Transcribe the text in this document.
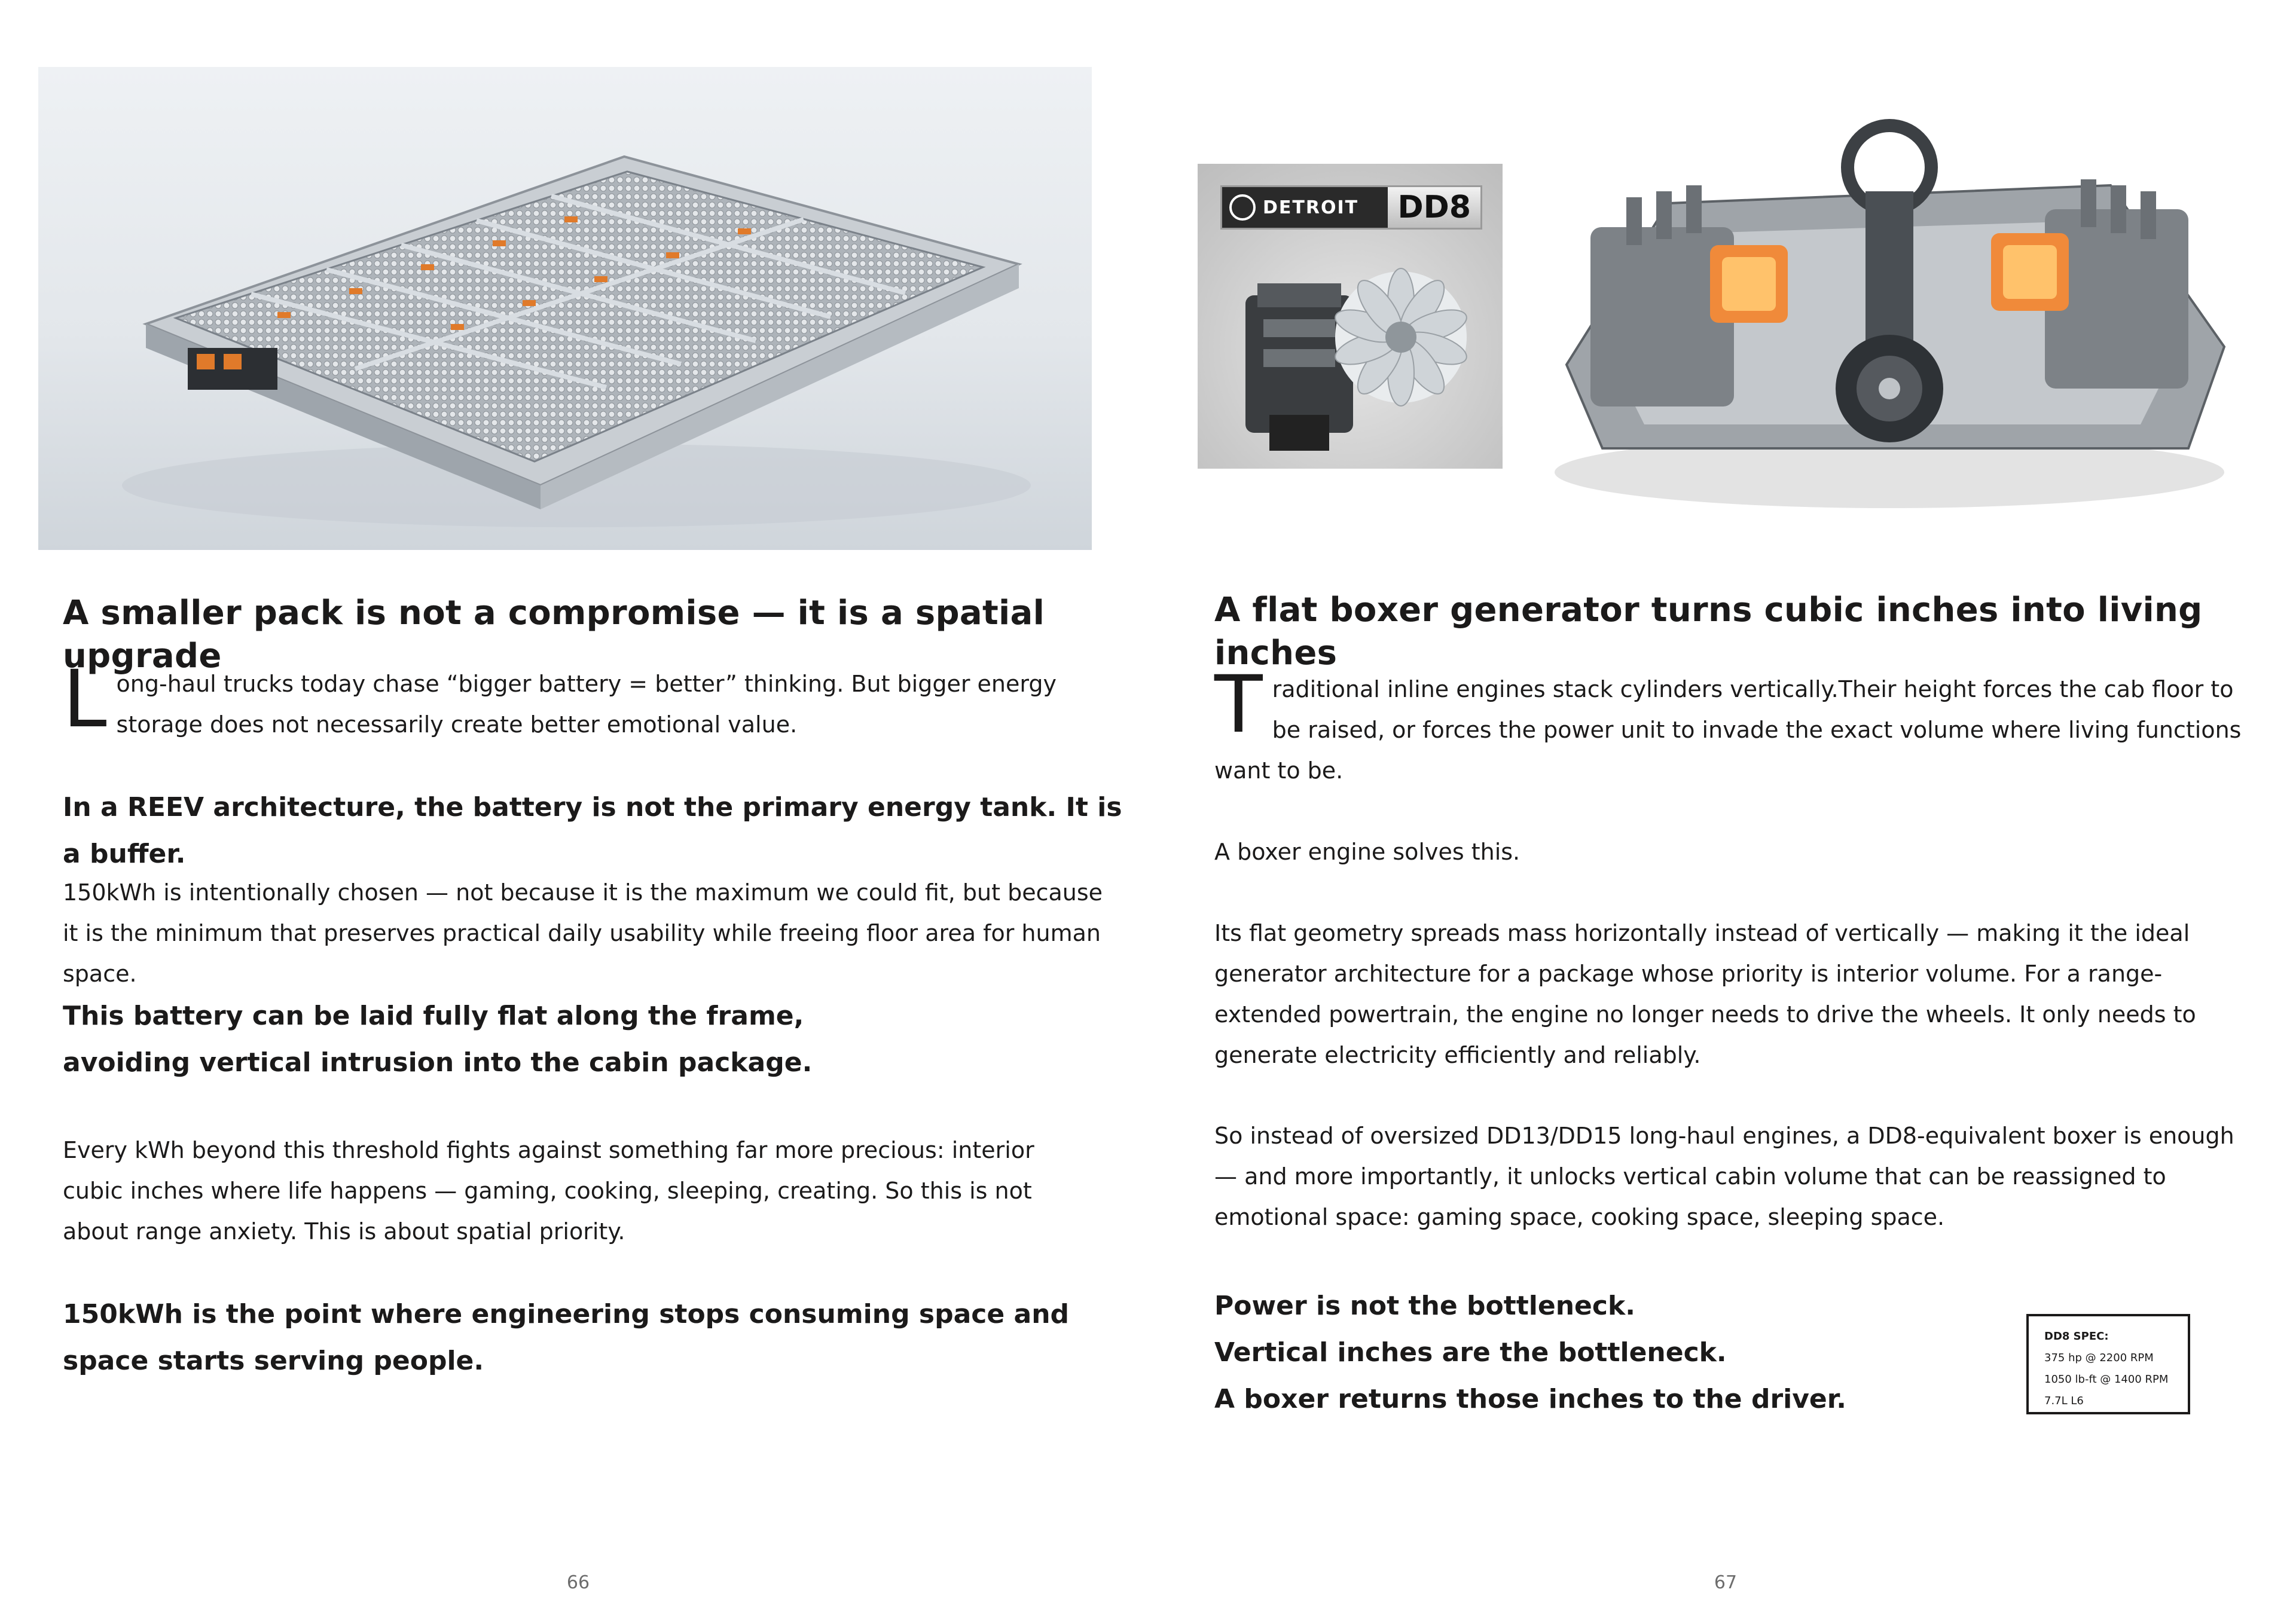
A smaller pack is not a compromise — it is a spatial upgrade
L ong-haul trucks today chase “bigger battery = better” thinking. But bigger energy storage does not necessarily create better emotional value.
In a REEV architecture, the battery is not the primary energy tank. It is a buffer.
150kWh is intentionally chosen — not because it is the maximum we could fit, but because it is the minimum that preserves practical daily usability while freeing floor area for human space.
This battery can be laid fully flat along the frame,
avoiding vertical intrusion into the cabin package.
Every kWh beyond this threshold fights against something far more precious: interior cubic inches where life happens — gaming, cooking, sleeping, creating. So this is not about range anxiety. This is about spatial priority.
150kWh is the point where engineering stops consuming space and space starts serving people.
66
DETROIT	DD8
A flat boxer generator turns cubic inches into living inches
T raditional inline engines stack cylinders vertically.Their height forces the cab floor to be raised, or forces the power unit to invade the exact volume where living functions want to be.
A boxer engine solves this.
Its flat geometry spreads mass horizontally instead of vertically — making it the ideal generator architecture for a package whose priority is interior volume. For a range-extended powertrain, the engine no longer needs to drive the wheels. It only needs to generate electricity efficiently and reliably.
So instead of oversized DD13/DD15 long-haul engines, a DD8-equivalent boxer is enough — and more importantly, it unlocks vertical cabin volume that can be reassigned to emotional space: gaming space, cooking space, sleeping space.
Power is not the bottleneck.
Vertical inches are the bottleneck.
A boxer returns those inches to the driver.
DD8 SPEC:
375 hp @ 2200 RPM
1050 lb-ft @ 1400 RPM
7.7L L6
67
